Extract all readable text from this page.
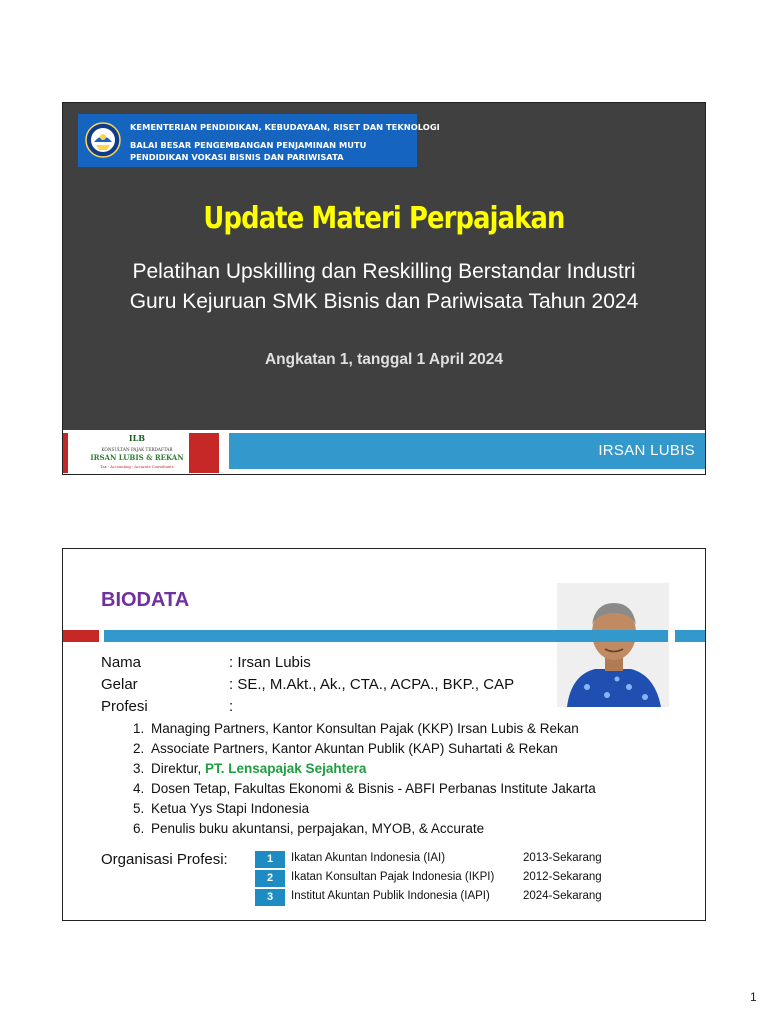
KEMENTERIAN PENDIDIKAN, KEBUDAYAAN, RISET DAN TEKNOLOGI
BALAI BESAR PENGEMBANGAN PENJAMINAN MUTU
PENDIDIKAN VOKASI BISNIS DAN PARIWISATA
Update Materi Perpajakan
Pelatihan Upskilling dan Reskilling Berstandar Industri
Guru Kejuruan SMK Bisnis dan Pariwisata Tahun 2024
Angkatan 1, tanggal 1 April 2024
ILB
KONSULTAN PAJAK TERDAFTAR
IRSAN LUBIS & REKAN
Tax - Accounting - Accurate Consultants
IRSAN LUBIS
BIODATA
Nama	: Irsan Lubis
Gelar	: SE., M.Akt., Ak., CTA., ACPA., BKP., CAP
Profesi	:
1. Managing Partners, Kantor Konsultan Pajak (KKP) Irsan Lubis & Rekan
2. Associate Partners, Kantor Akuntan Publik (KAP) Suhartati & Rekan
3. Direktur, PT. Lensapajak Sejahtera
4. Dosen Tetap, Fakultas Ekonomi & Bisnis - ABFI Perbanas Institute Jakarta
5. Ketua Yys Stapi Indonesia
6. Penulis buku akuntansi, perpajakan, MYOB, & Accurate
Organisasi Profesi:	1	Ikatan Akuntan Indonesia (IAI)	2013-Sekarang
2	Ikatan Konsultan Pajak Indonesia (IKPI) 2012-Sekarang
3	Institut Akuntan Publik Indonesia (IAPI)	2024-Sekarang
1
